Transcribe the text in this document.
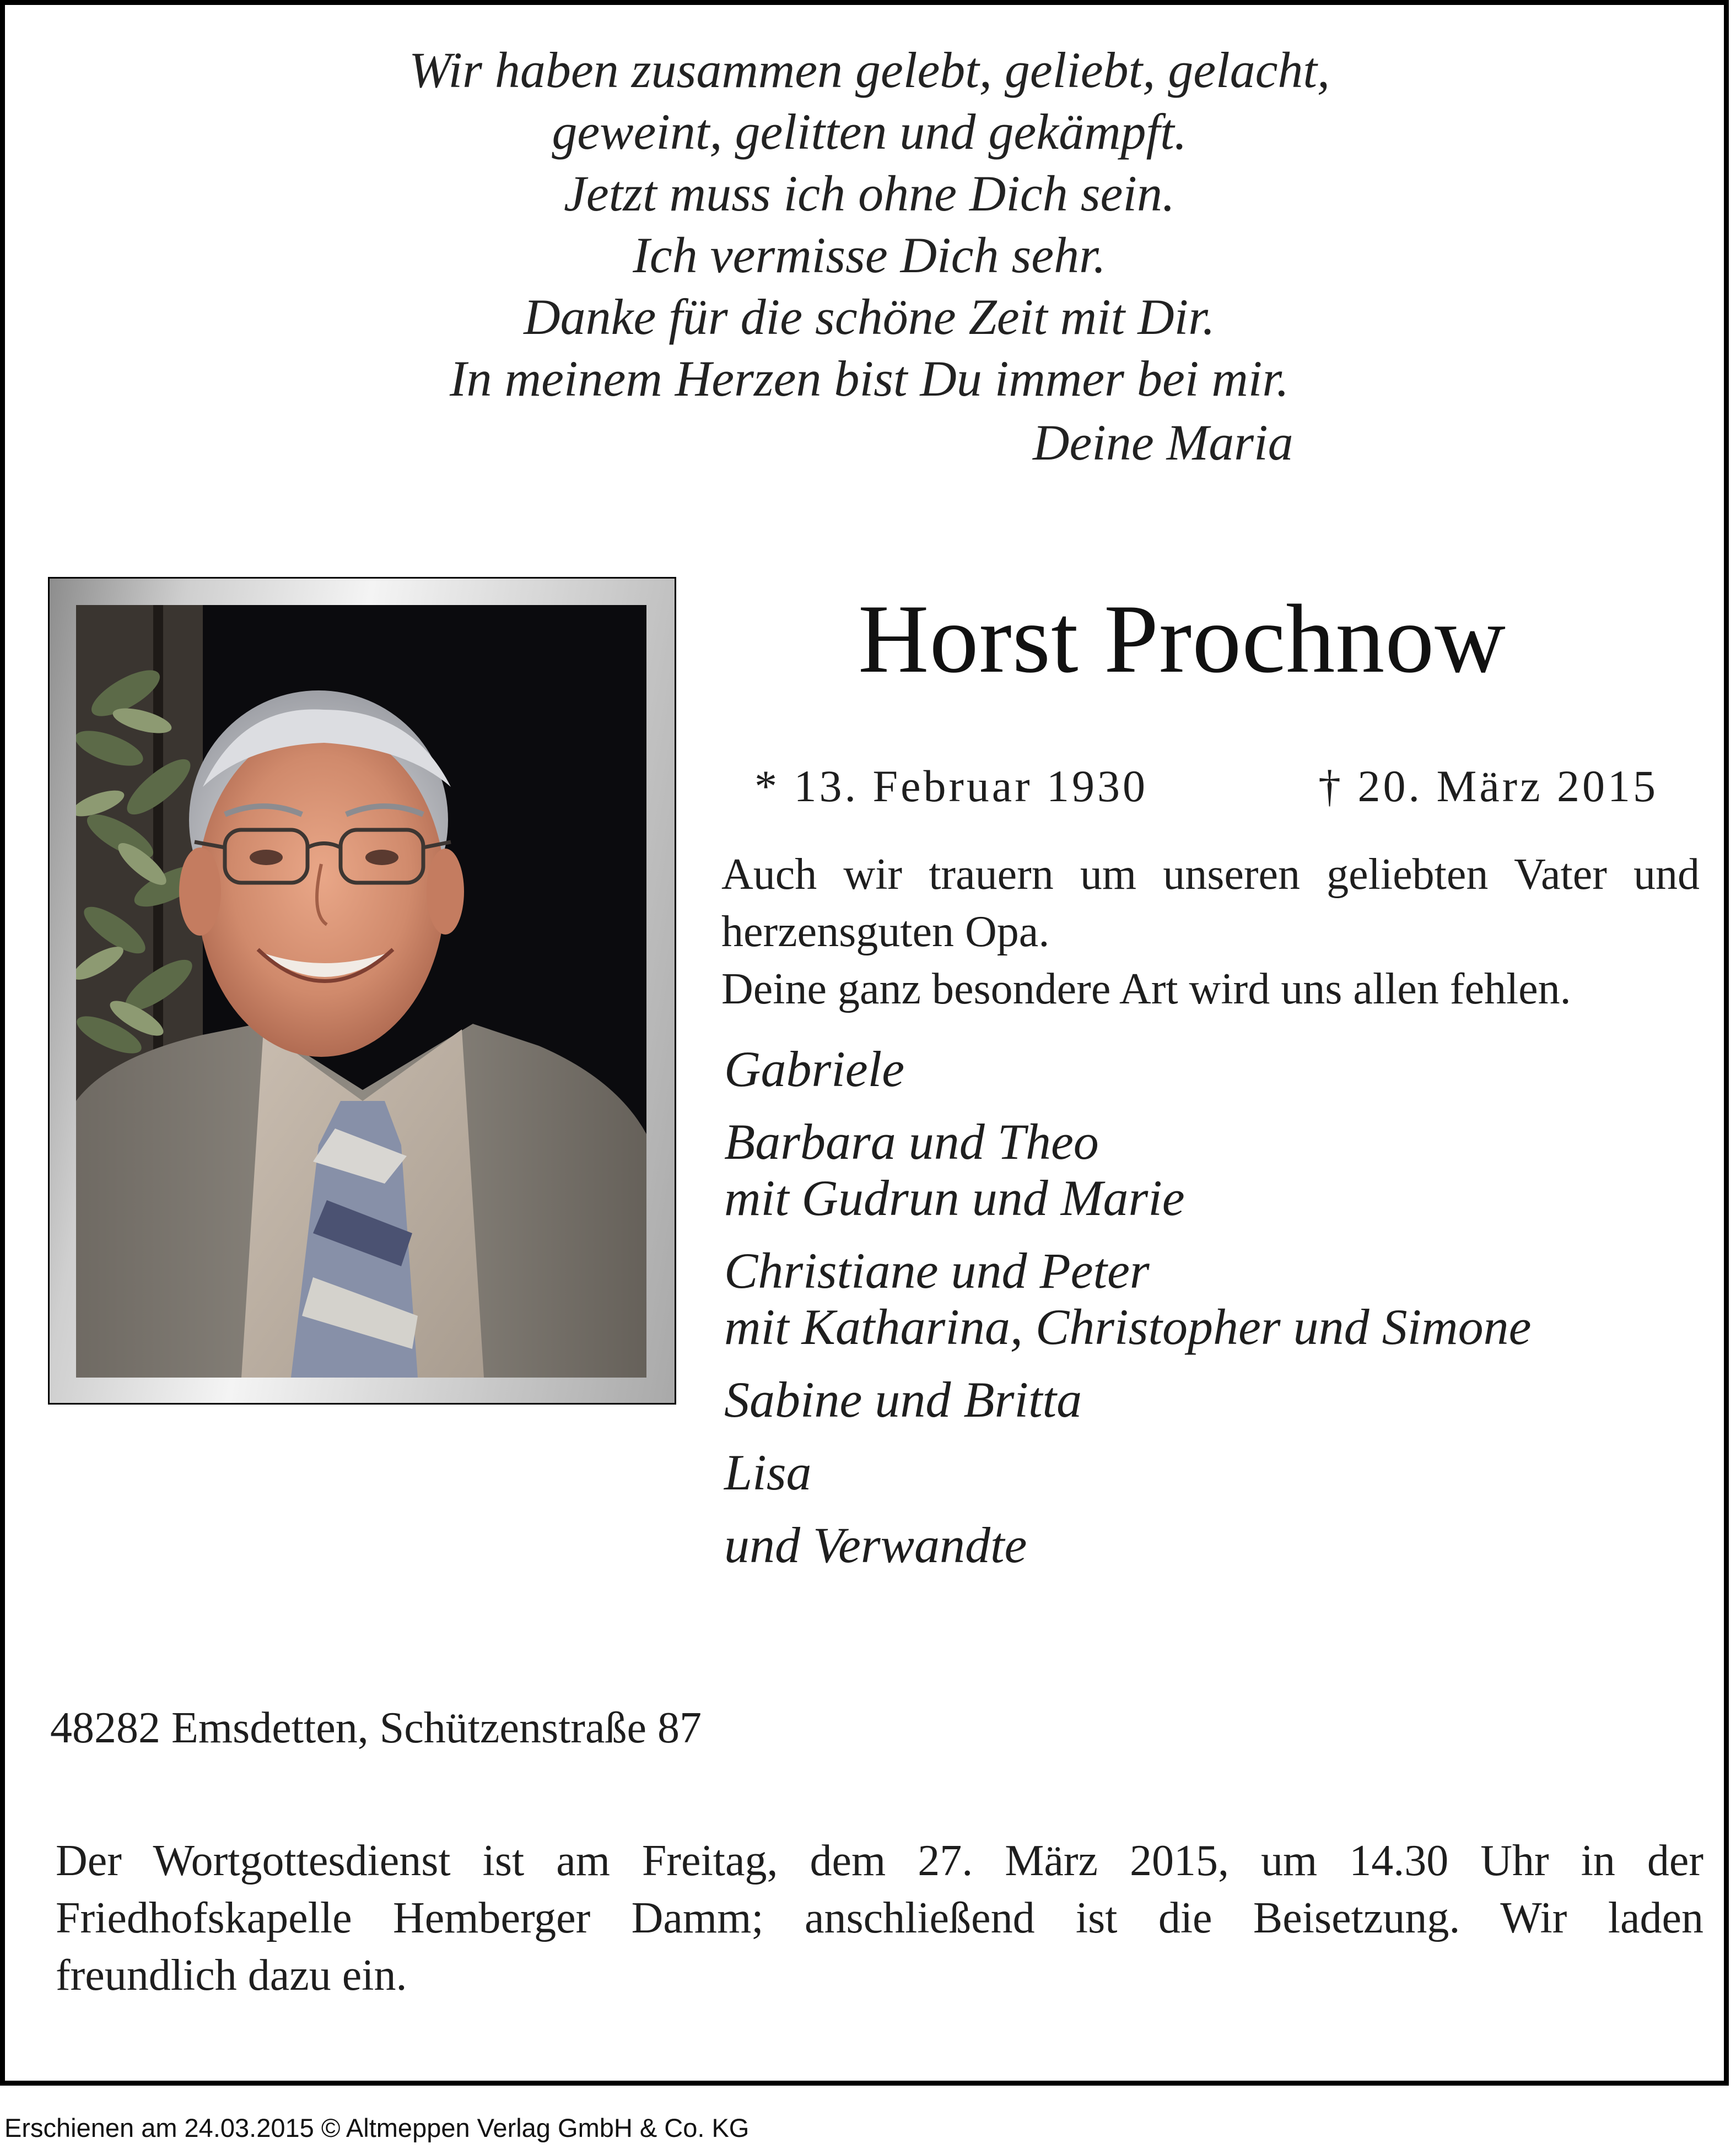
Wir haben zusammen gelebt, geliebt, gelacht,
geweint, gelitten und gekämpft.
Jetzt muss ich ohne Dich sein.
Ich vermisse Dich sehr.
Danke für die schöne Zeit mit Dir.
In meinem Herzen bist Du immer bei mir.
Deine Maria
Horst Prochnow
* 13. Februar 1930	† 20. März 2015
Auch wir trauern um unseren geliebten Vater und
herzensguten Opa.
Deine ganz besondere Art wird uns allen fehlen.
Gabriele
Barbara und Theo
mit Gudrun und Marie
Christiane und Peter
mit Katharina, Christopher und Simone
Sabine und Britta
Lisa
und Verwandte
48282 Emsdetten, Schützenstraße 87
Der Wortgottesdienst ist am Freitag, dem 27. März 2015, um 14.30 Uhr in der
Friedhofskapelle Hemberger Damm; anschließend ist die Beisetzung. Wir laden
freundlich dazu ein.
Erschienen am 24.03.2015 © Altmeppen Verlag GmbH & Co. KG
